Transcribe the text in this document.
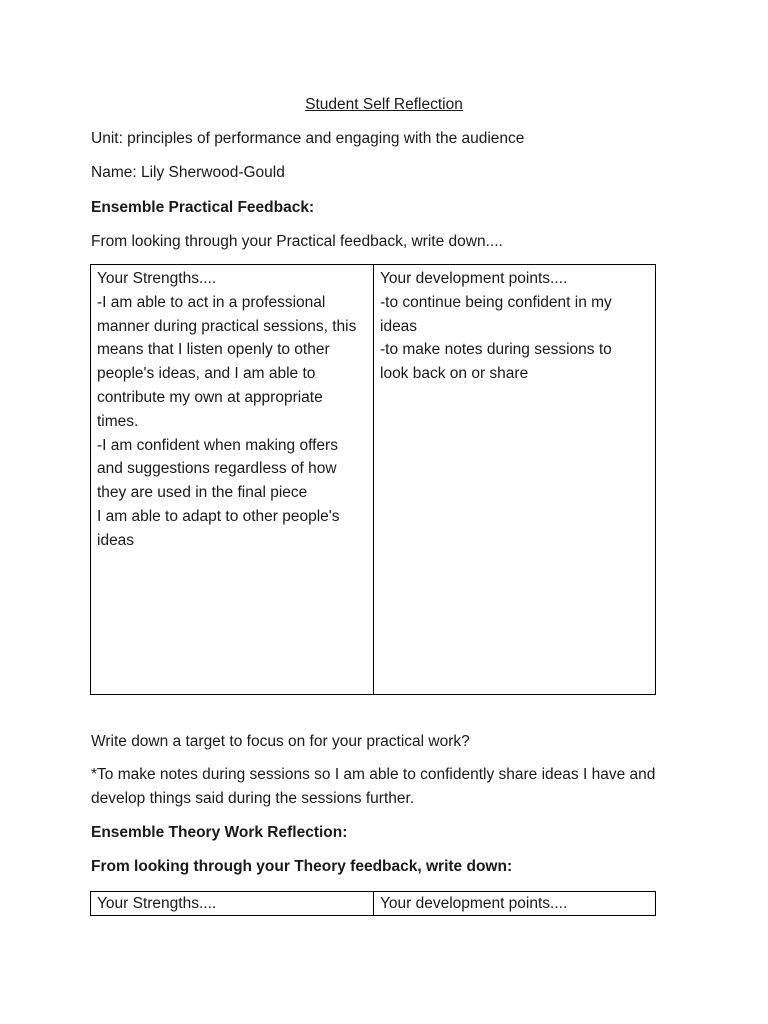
Student Self Reflection
Unit: principles of performance and engaging with the audience
Name: Lily Sherwood-Gould
Ensemble Practical Feedback:
From looking through your Practical feedback, write down....
Your Strengths....
-I am able to act in a professional
manner during practical sessions, this
means that I listen openly to other
people's ideas, and I am able to
contribute my own at appropriate
times.
-I am confident when making offers
and suggestions regardless of how
they are used in the final piece
I am able to adapt to other people's
ideas
Your development points....
-to continue being confident in my
ideas
-to make notes during sessions to
look back on or share
Write down a target to focus on for your practical work?
*To make notes during sessions so I am able to confidently share ideas I have and
develop things said during the sessions further.
Ensemble Theory Work Reflection:
From looking through your Theory feedback, write down:
Your Strengths....	Your development points....
